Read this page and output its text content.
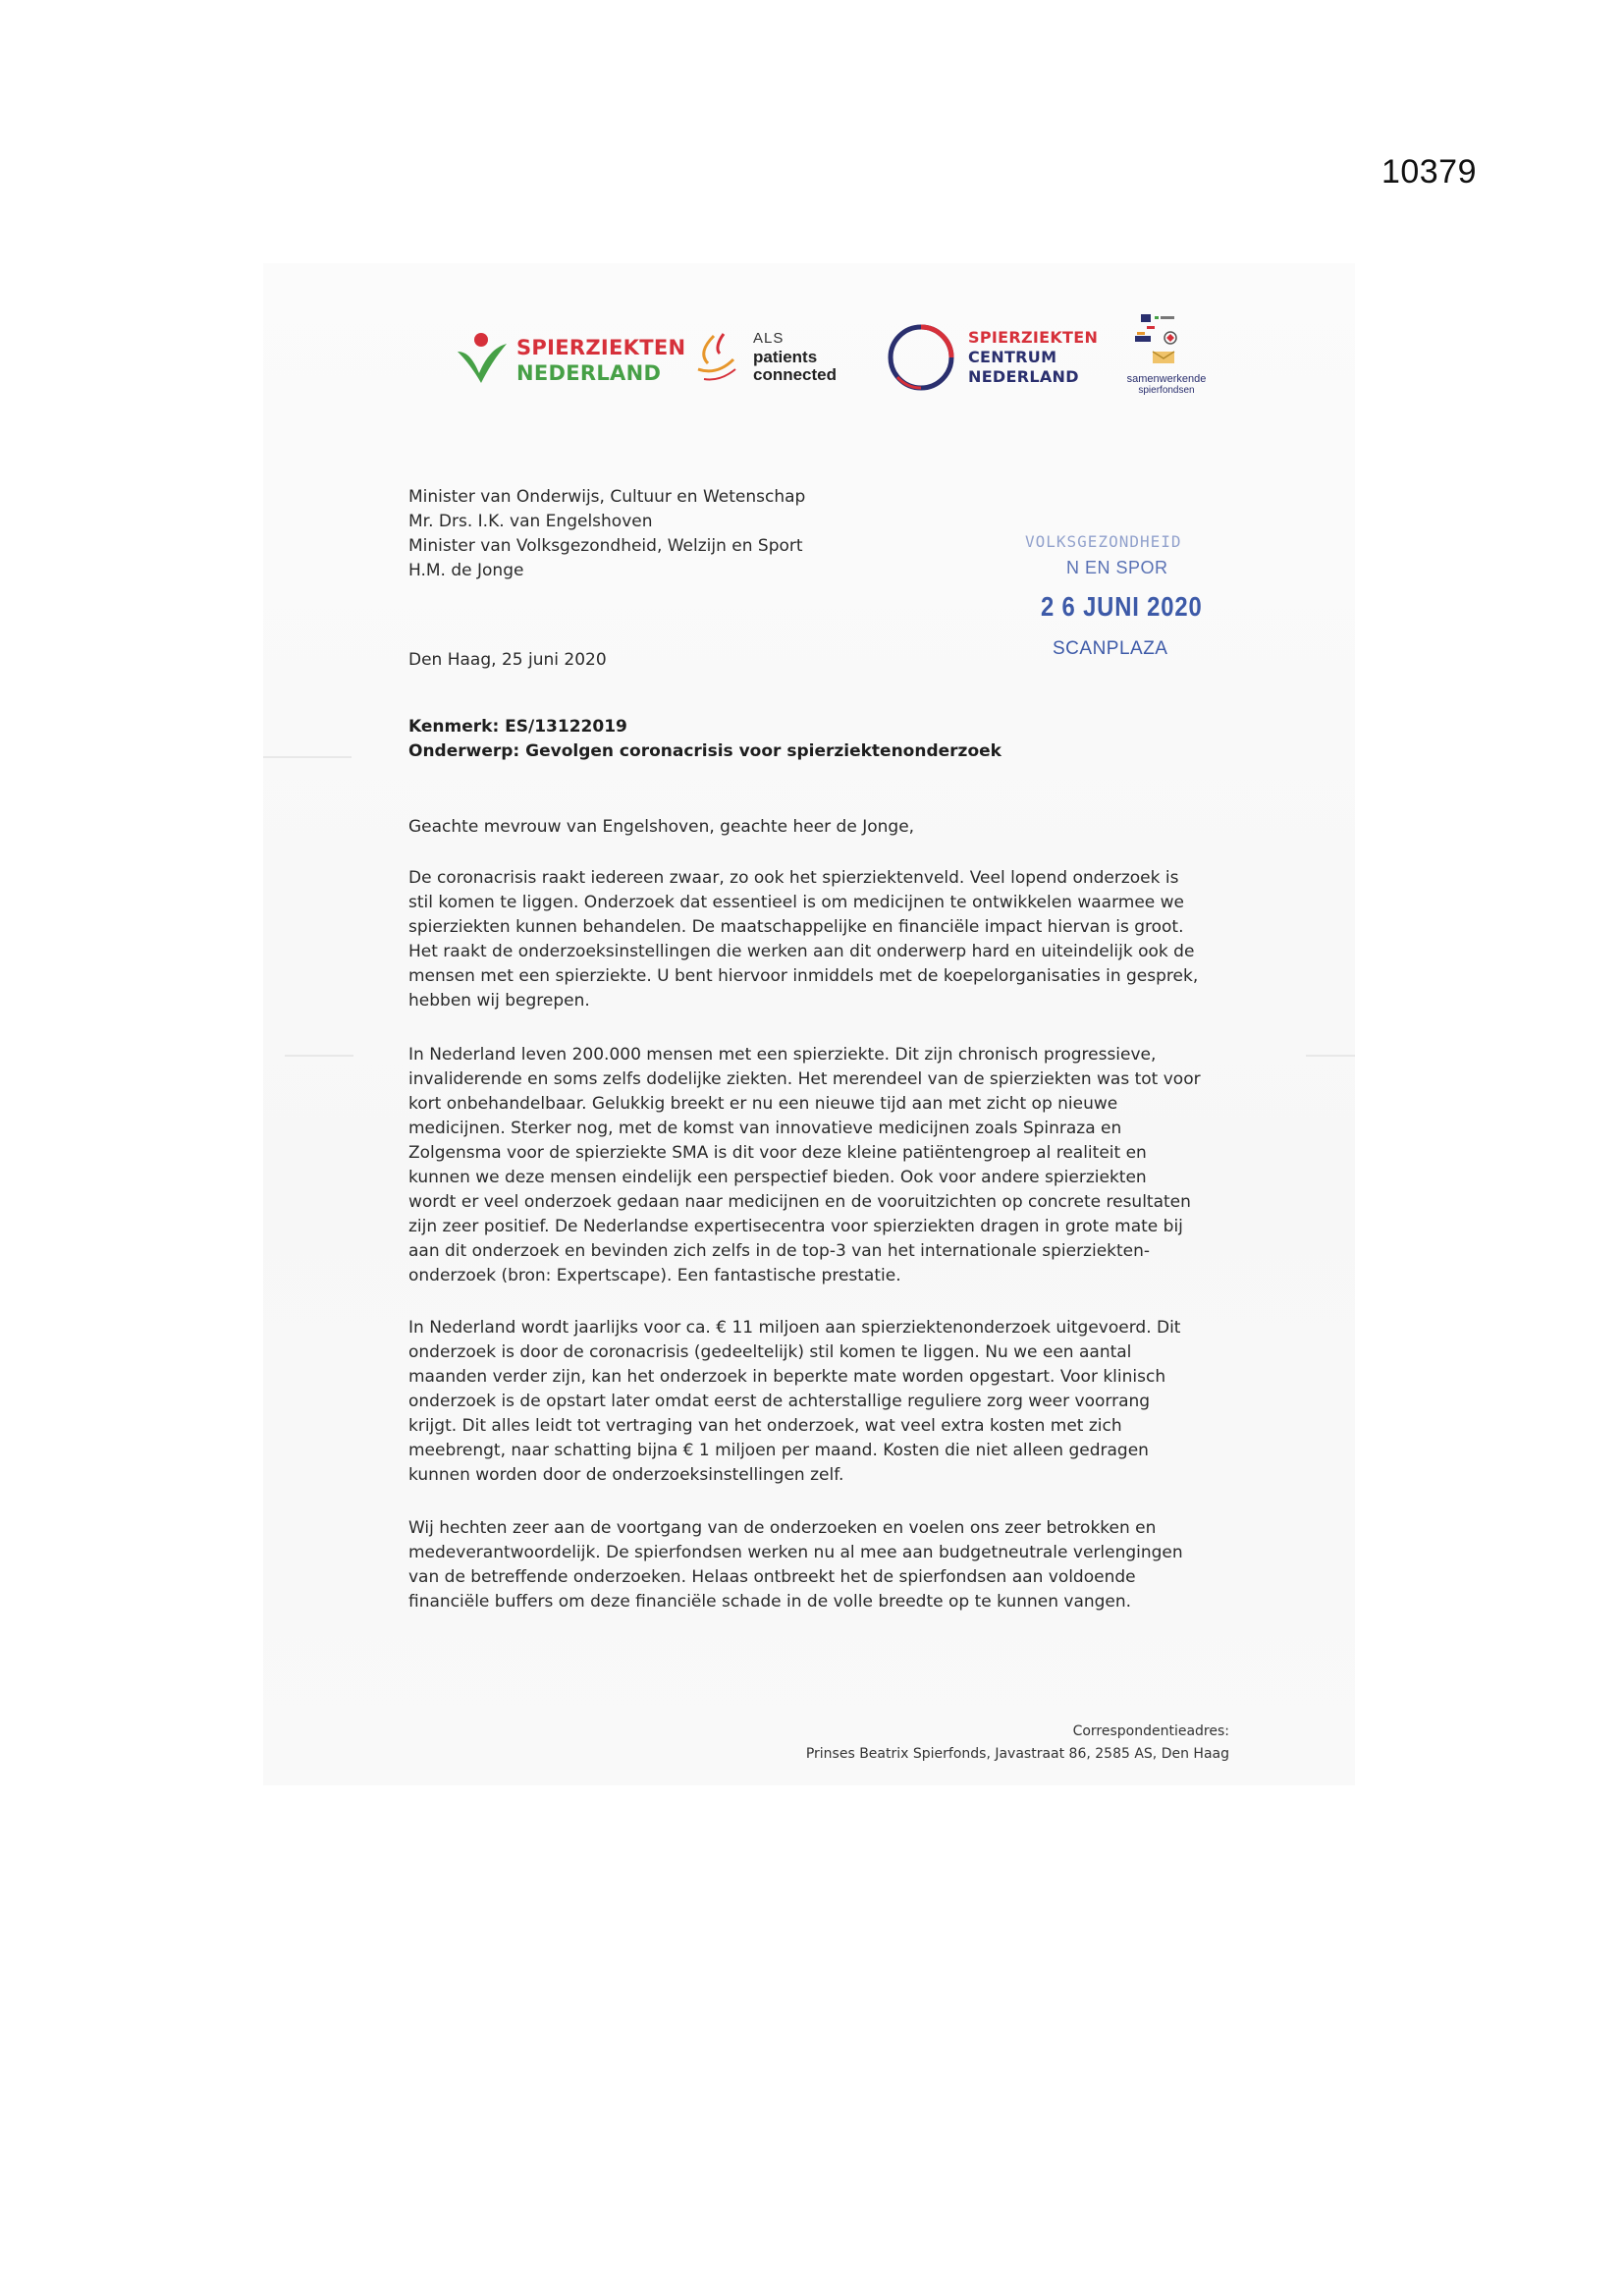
10379
SPIERZIEKTEN
NEDERLAND
ALS
patients
connected
SPIERZIEKTEN
CENTRUM
NEDERLAND	samenwerkende
spierfondsen
Minister van Onderwijs, Cultuur en Wetenschap
Mr. Drs. I.K. van Engelshoven
Minister van Volksgezondheid, Welzijn en Sport
H.M. de Jonge
VOLKSGEZONDHEID
N EN SPOR
2 6 JUNI 2020
SCANPLAZA
Den Haag, 25 juni 2020
Kenmerk: ES/13122019
Onderwerp: Gevolgen coronacrisis voor spierziektenonderzoek
Geachte mevrouw van Engelshoven, geachte heer de Jonge,
De coronacrisis raakt iedereen zwaar, zo ook het spierziektenveld. Veel lopend onderzoek is
stil komen te liggen. Onderzoek dat essentieel is om medicijnen te ontwikkelen waarmee we
spierziekten kunnen behandelen. De maatschappelijke en financiële impact hiervan is groot.
Het raakt de onderzoeksinstellingen die werken aan dit onderwerp hard en uiteindelijk ook de
mensen met een spierziekte. U bent hiervoor inmiddels met de koepelorganisaties in gesprek,
hebben wij begrepen.
In Nederland leven 200.000 mensen met een spierziekte. Dit zijn chronisch progressieve,
invaliderende en soms zelfs dodelijke ziekten. Het merendeel van de spierziekten was tot voor
kort onbehandelbaar. Gelukkig breekt er nu een nieuwe tijd aan met zicht op nieuwe
medicijnen. Sterker nog, met de komst van innovatieve medicijnen zoals Spinraza en
Zolgensma voor de spierziekte SMA is dit voor deze kleine patiëntengroep al realiteit en
kunnen we deze mensen eindelijk een perspectief bieden. Ook voor andere spierziekten
wordt er veel onderzoek gedaan naar medicijnen en de vooruitzichten op concrete resultaten
zijn zeer positief. De Nederlandse expertisecentra voor spierziekten dragen in grote mate bij
aan dit onderzoek en bevinden zich zelfs in de top-3 van het internationale spierziekten-
onderzoek (bron: Expertscape). Een fantastische prestatie.
In Nederland wordt jaarlijks voor ca. € 11 miljoen aan spierziektenonderzoek uitgevoerd. Dit
onderzoek is door de coronacrisis (gedeeltelijk) stil komen te liggen. Nu we een aantal
maanden verder zijn, kan het onderzoek in beperkte mate worden opgestart. Voor klinisch
onderzoek is de opstart later omdat eerst de achterstallige reguliere zorg weer voorrang
krijgt. Dit alles leidt tot vertraging van het onderzoek, wat veel extra kosten met zich
meebrengt, naar schatting bijna € 1 miljoen per maand. Kosten die niet alleen gedragen
kunnen worden door de onderzoeksinstellingen zelf.
Wij hechten zeer aan de voortgang van de onderzoeken en voelen ons zeer betrokken en
medeverantwoordelijk. De spierfondsen werken nu al mee aan budgetneutrale verlengingen
van de betreffende onderzoeken. Helaas ontbreekt het de spierfondsen aan voldoende
financiële buffers om deze financiële schade in de volle breedte op te kunnen vangen.
Correspondentieadres:
Prinses Beatrix Spierfonds, Javastraat 86, 2585 AS, Den Haag
